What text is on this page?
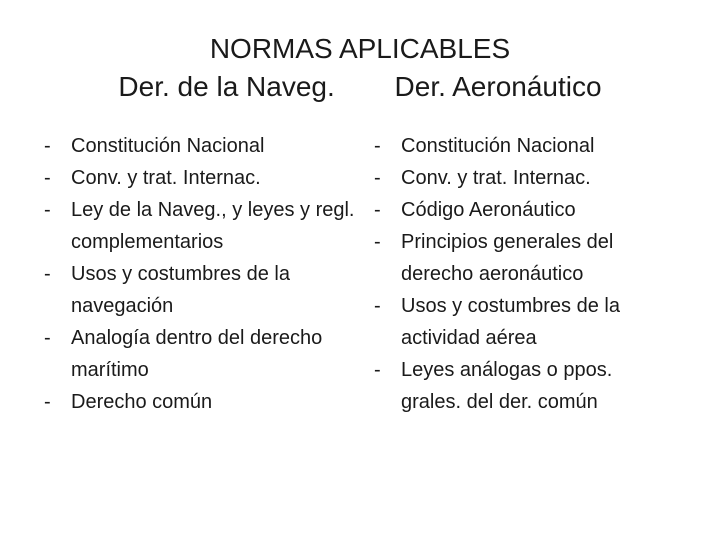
NORMAS APLICABLES
Der. de la Naveg. Der. Aeronáutico
- Constitución Nacional
- Conv. y trat. Internac.
- Ley de la Naveg., y leyes y regl. complementarios
- Usos y costumbres de la navegación
- Analogía dentro del derecho marítimo
- Derecho común
- Constitución Nacional
- Conv. y trat. Internac.
- Código Aeronáutico
- Principios generales del derecho aeronáutico
- Usos y costumbres de la actividad aérea
- Leyes análogas o ppos. grales. del der. común
